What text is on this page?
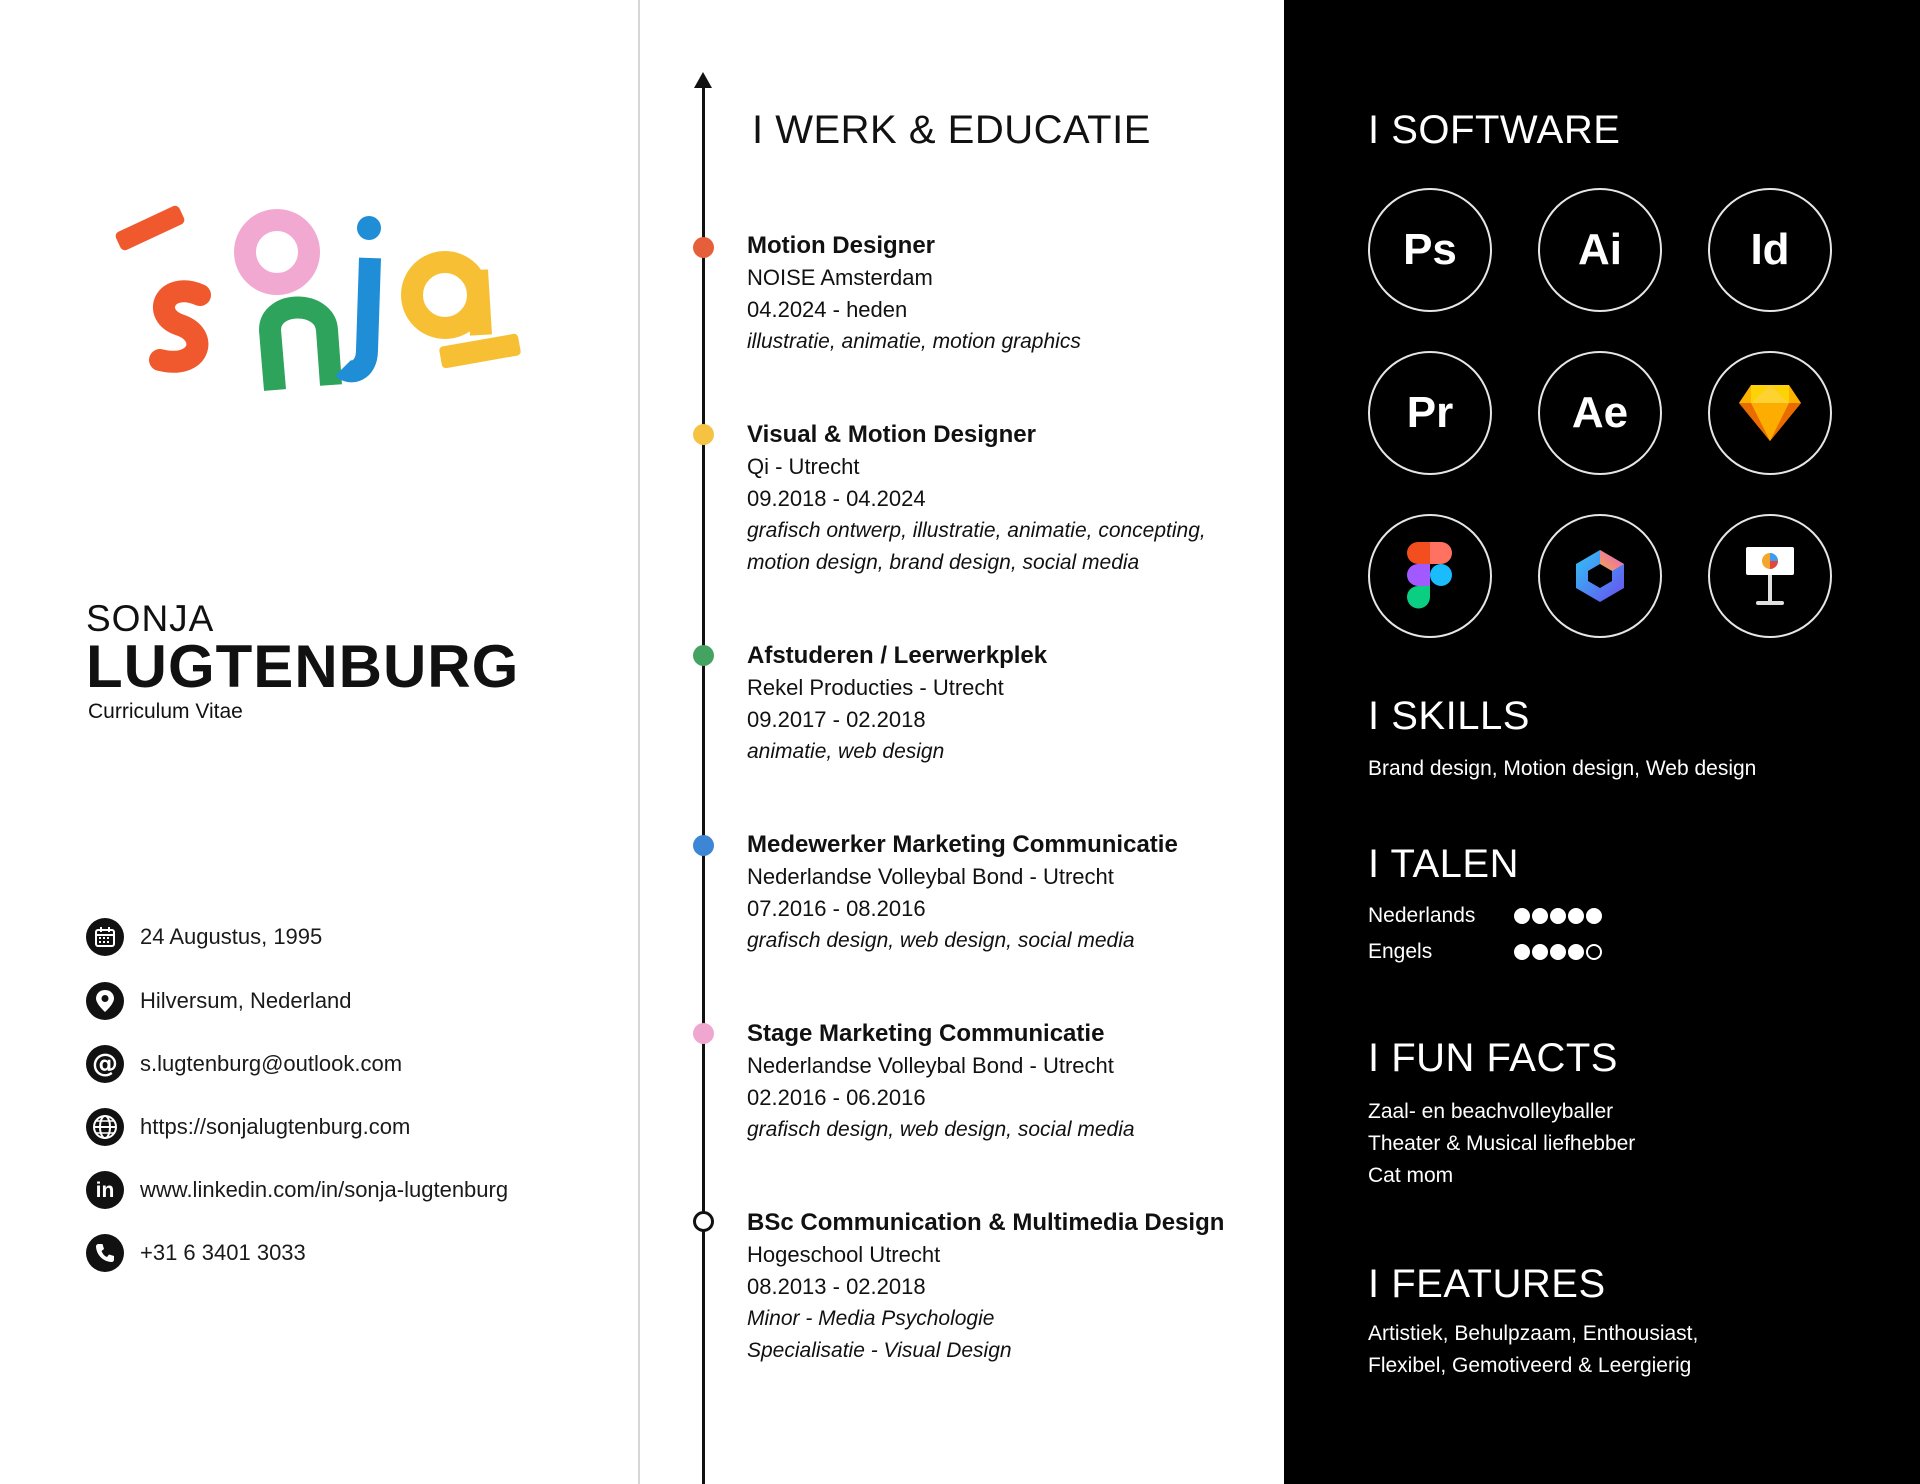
SONJA
LUGTENBURG
Curriculum Vitae
24 Augustus, 1995
Hilversum, Nederland
@ s.lugtenburg@outlook.com
https://sonjalugtenburg.com
in www.linkedin.com/in/sonja-lugtenburg
+31 6 3401 3033
I WERK & EDUCATIE
Motion Designer
NOISE Amsterdam
04.2024 - heden
illustratie, animatie, motion graphics
Visual & Motion Designer
Qi - Utrecht
09.2018 - 04.2024
grafisch ontwerp, illustratie, animatie, concepting,
motion design, brand design, social media
Afstuderen / Leerwerkplek
Rekel Producties - Utrecht
09.2017 - 02.2018
animatie, web design
Medewerker Marketing Communicatie
Nederlandse Volleybal Bond - Utrecht
07.2016 - 08.2016
grafisch design, web design, social media
Stage Marketing Communicatie
Nederlandse Volleybal Bond - Utrecht
02.2016 - 06.2016
grafisch design, web design, social media
BSc Communication & Multimedia Design
Hogeschool Utrecht
08.2013 - 02.2018
Minor - Media Psychologie
Specialisatie - Visual Design
I SOFTWARE
Ps	Ai	Id
Pr	Ae
I SKILLS
Brand design, Motion design, Web design
I TALEN
Nederlands
Engels
I FUN FACTS
Zaal- en beachvolleyballer
Theater & Musical liefhebber
Cat mom
I FEATURES
Artistiek, Behulpzaam, Enthousiast,
Flexibel, Gemotiveerd & Leergierig
